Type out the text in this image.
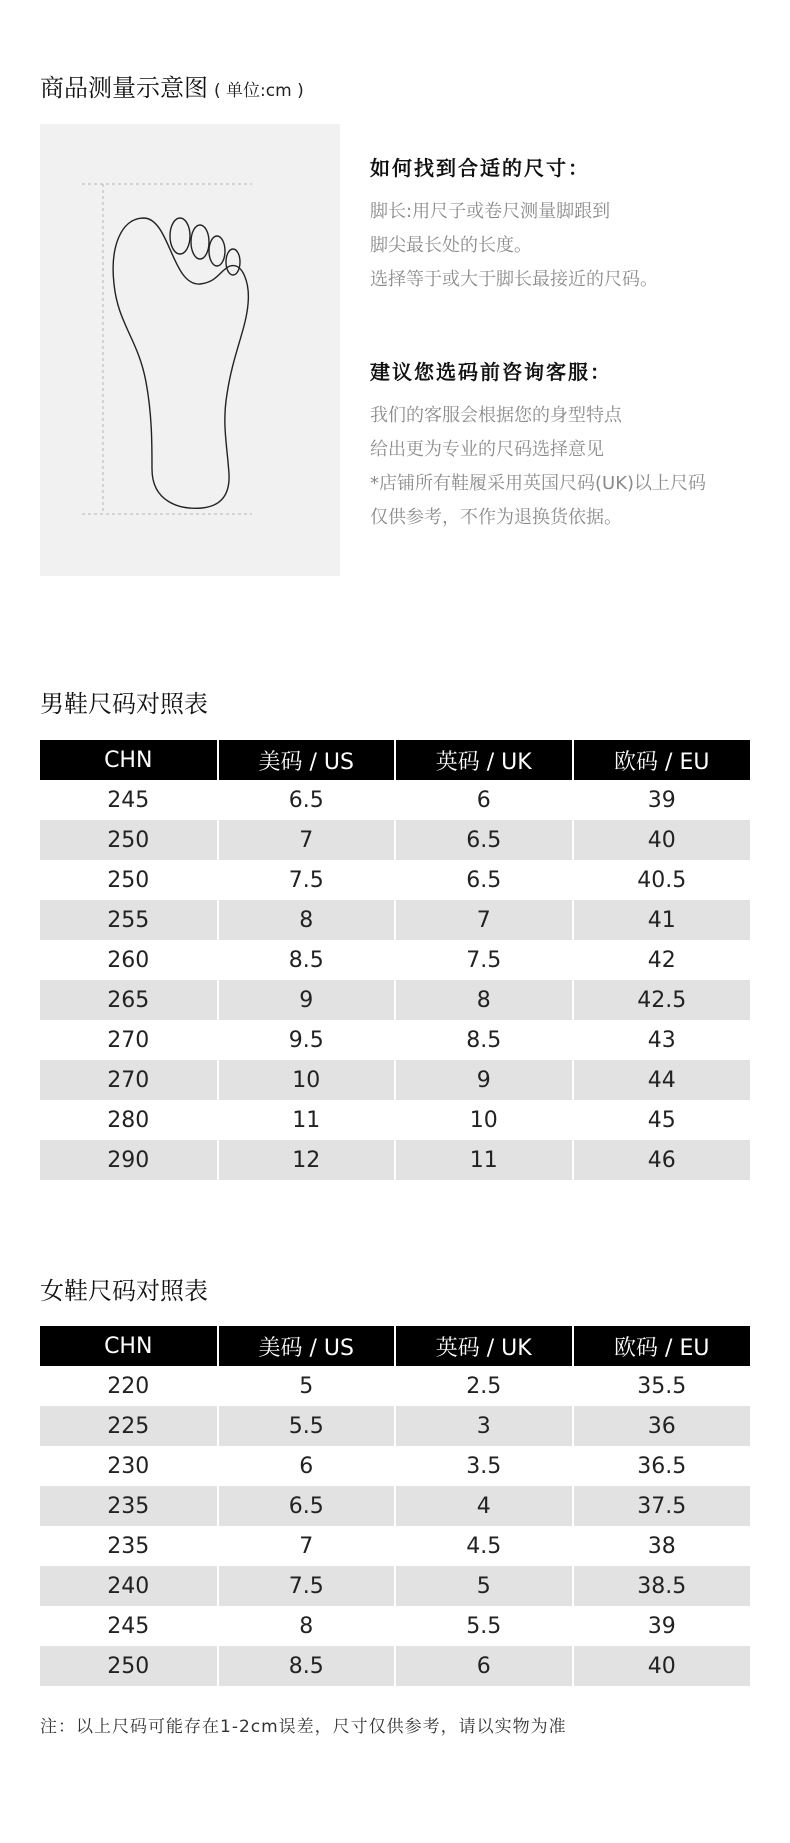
商品测量示意图 ( 单位:cm )
如何找到合适的尺寸：
脚长:用尺子或卷尺测量脚跟到
脚尖最长处的长度。
选择等于或大于脚长最接近的尺码。
建议您选码前咨询客服：
我们的客服会根据您的身型特点
给出更为专业的尺码选择意见
*店铺所有鞋履采用英国尺码(UK)以上尺码
仅供参考，不作为退换货依据。
男鞋尺码对照表
CHN	美码 / US	英码 / UK	欧码 / EU
245	6.5	6	39
250	7	6.5	40
250	7.5	6.5	40.5
255	8	7	41
260	8.5	7.5	42
265	9	8	42.5
270	9.5	8.5	43
270	10	9	44
280	11	10	45
290	12	11	46
女鞋尺码对照表
CHN	美码 / US	英码 / UK	欧码 / EU
220	5	2.5	35.5
225	5.5	3	36
230	6	3.5	36.5
235	6.5	4	37.5
235	7	4.5	38
240	7.5	5	38.5
245	8	5.5	39
250	8.5	6	40
注：以上尺码可能存在1-2cm误差，尺寸仅供参考，请以实物为准
